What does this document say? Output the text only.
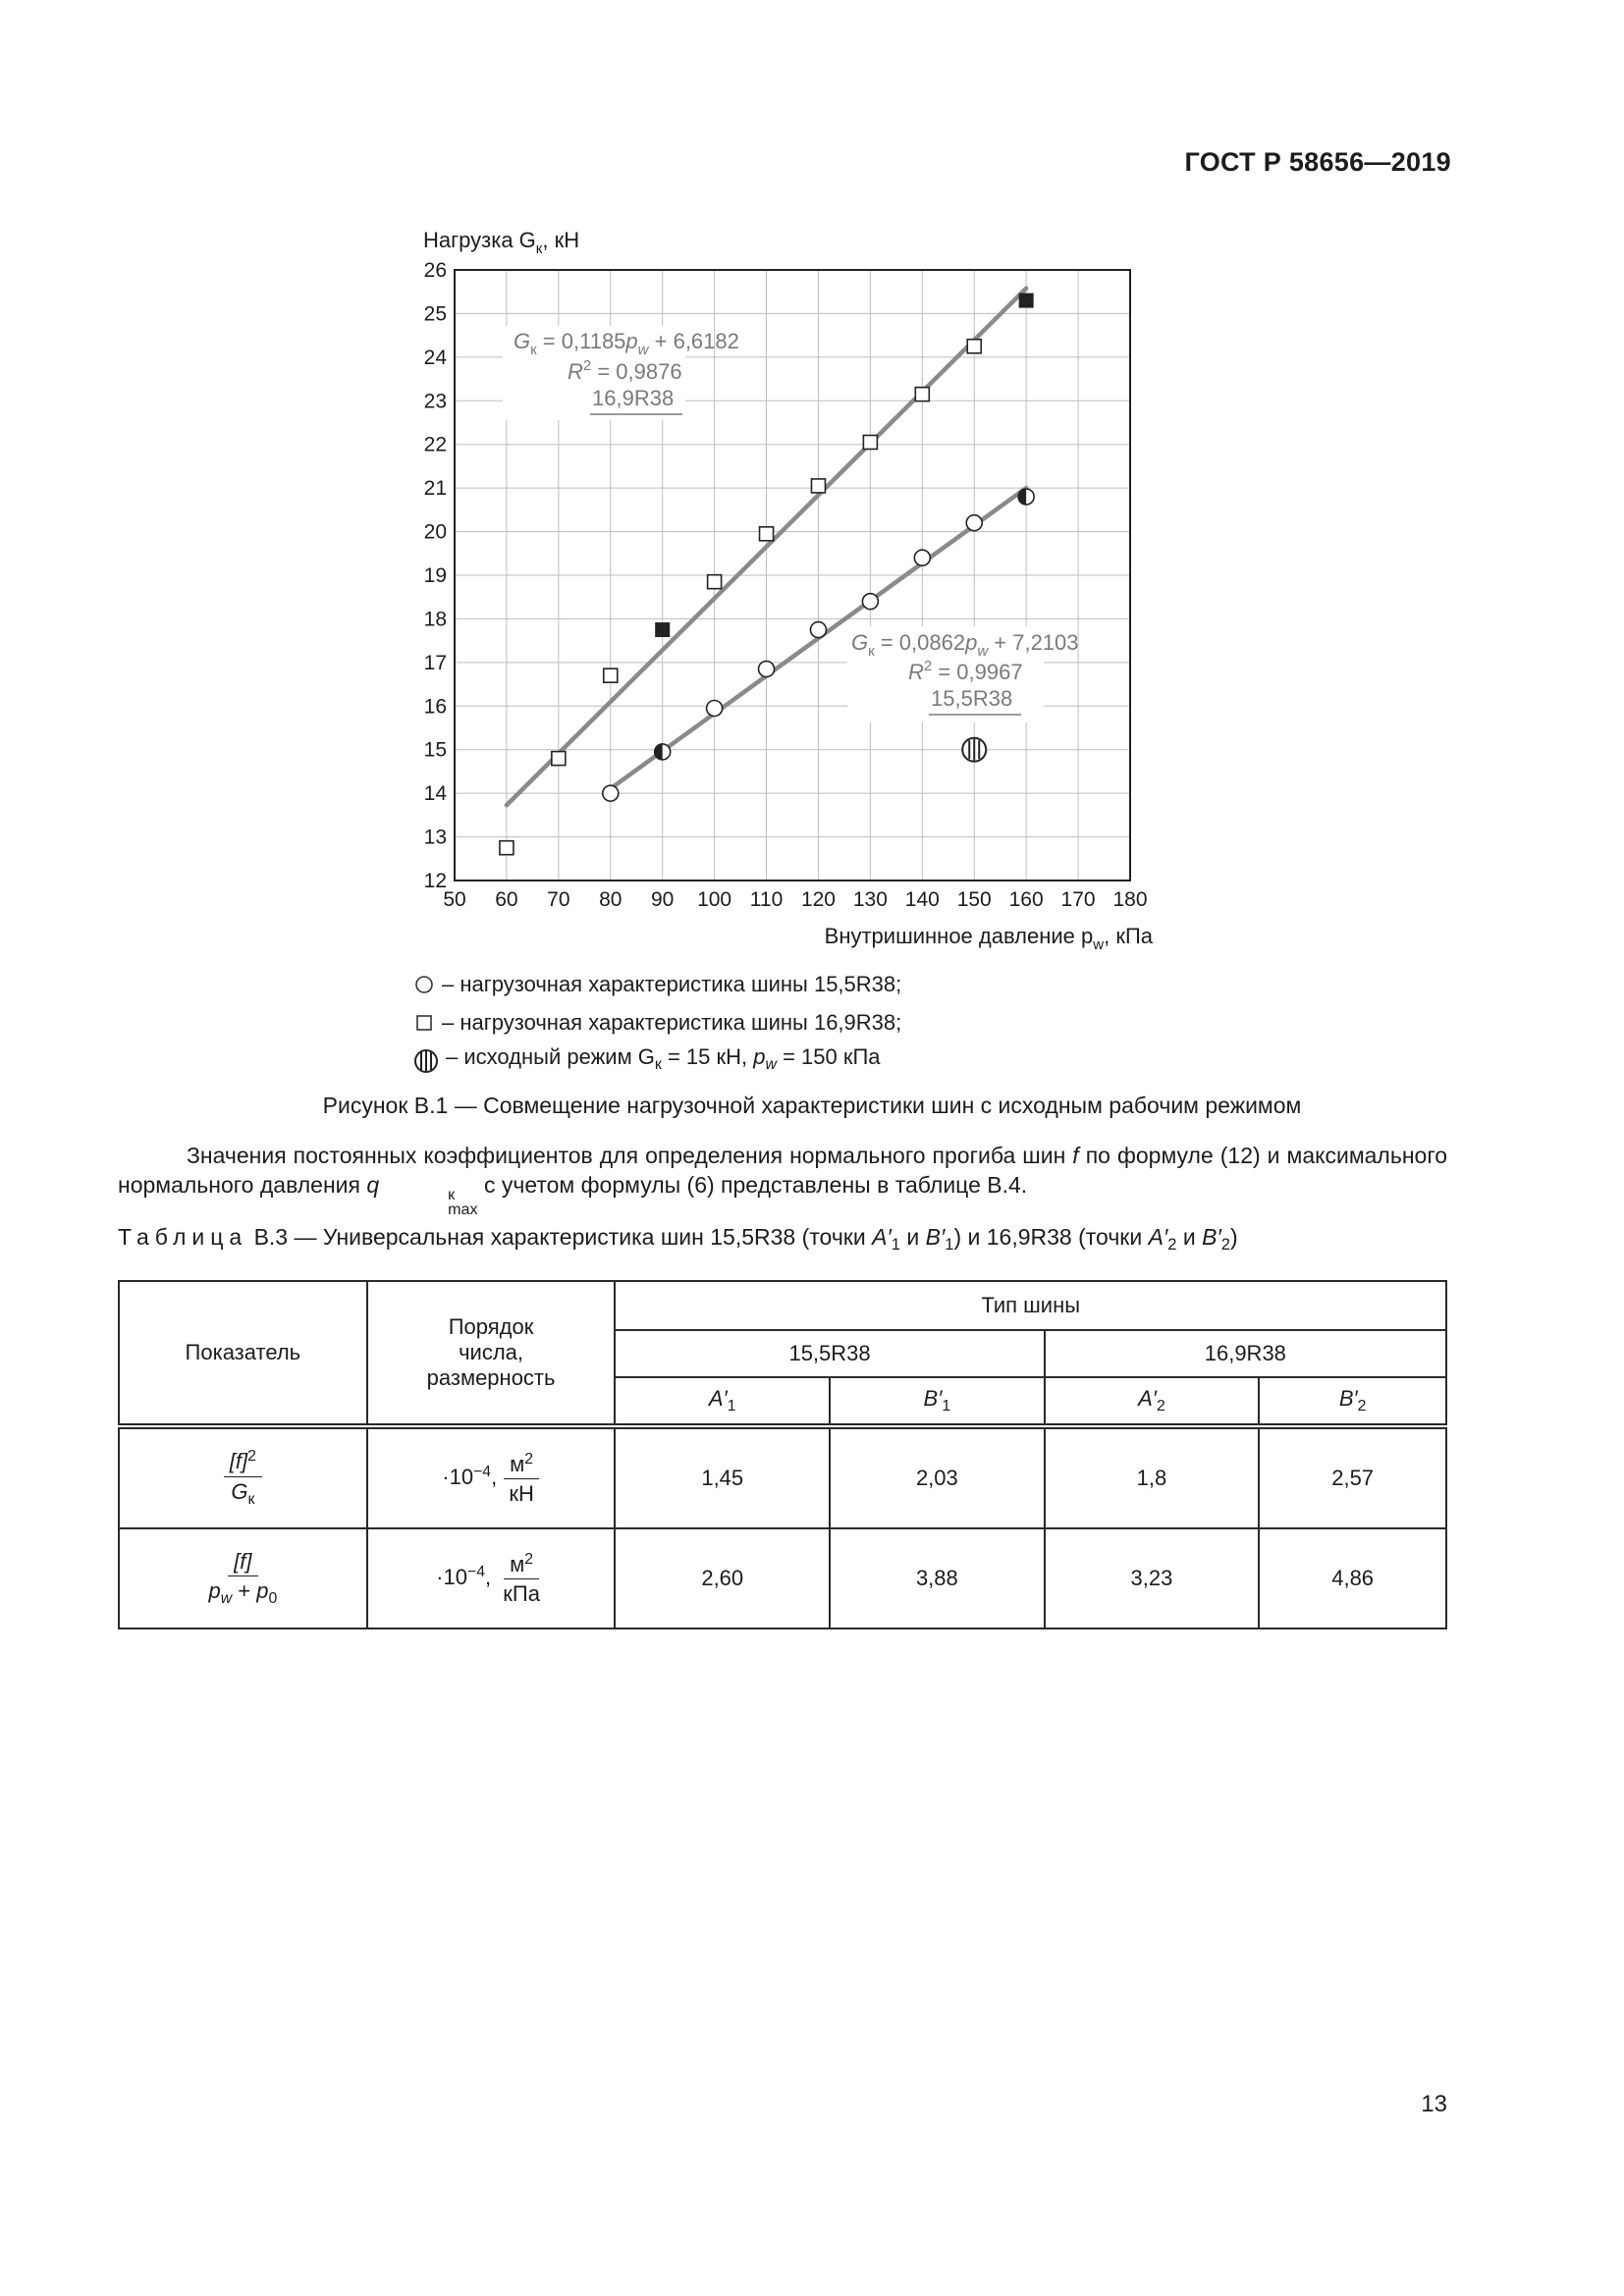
ГОСТ Р 58656—2019
50 60 70 80 90 100 110 120 130 140 150 160 170 180
12
13
14
15
16
17
18
19
20
21
22
23
24
25
26
Нагрузка $G_к$, кН
Внутришинное давление $p_w$, кПа
$G_к = 0,1185p_w + 6,6182$
$R^2 = 0,9876$
16,9R38
$G_к = 0,0862p_w + 7,2103$
$R^2 = 0,9967$
15,5R38
– нагрузочная характеристика шины 15,5R38;
– нагрузочная характеристика шины 16,9R38;
– исходный режим $G_к = 15$ кН, $p_w = 150$ кПа
Рисунок В.1 — Совмещение нагрузочной характеристики шин с исходным рабочим режимом
Значения постоянных коэффициентов для определения нормального прогиба шин f по формуле (12) и максимального нормального давления q	к
max
с учетом формулы (6) представлены в таблице В.4.
Таблица В.3 — Универсальная характеристика шин 15,5R38 (точки $A'_1$ и $B'_1$) и 16,9R38 (точки $A'_2$ и $B'_2$)
Показатель	Порядок
числа,
размерность	Тип шины			
		15,5R38		16,9R38	
		$A'_1$	$B'_1$	$A'_2$	$B'_2$

$\frac{[f]^2}{G_к}$	$\cdot 10^{-4}$, $\frac{м^2}{кН}$	1,45	2,03	1,8	2,57

$\frac{[f]}{p_w + p_0}$	$\cdot 10^{-4}$, $\frac{м^2}{\text{кПа}}$	2,60	3,88	3,23	4,86
13
